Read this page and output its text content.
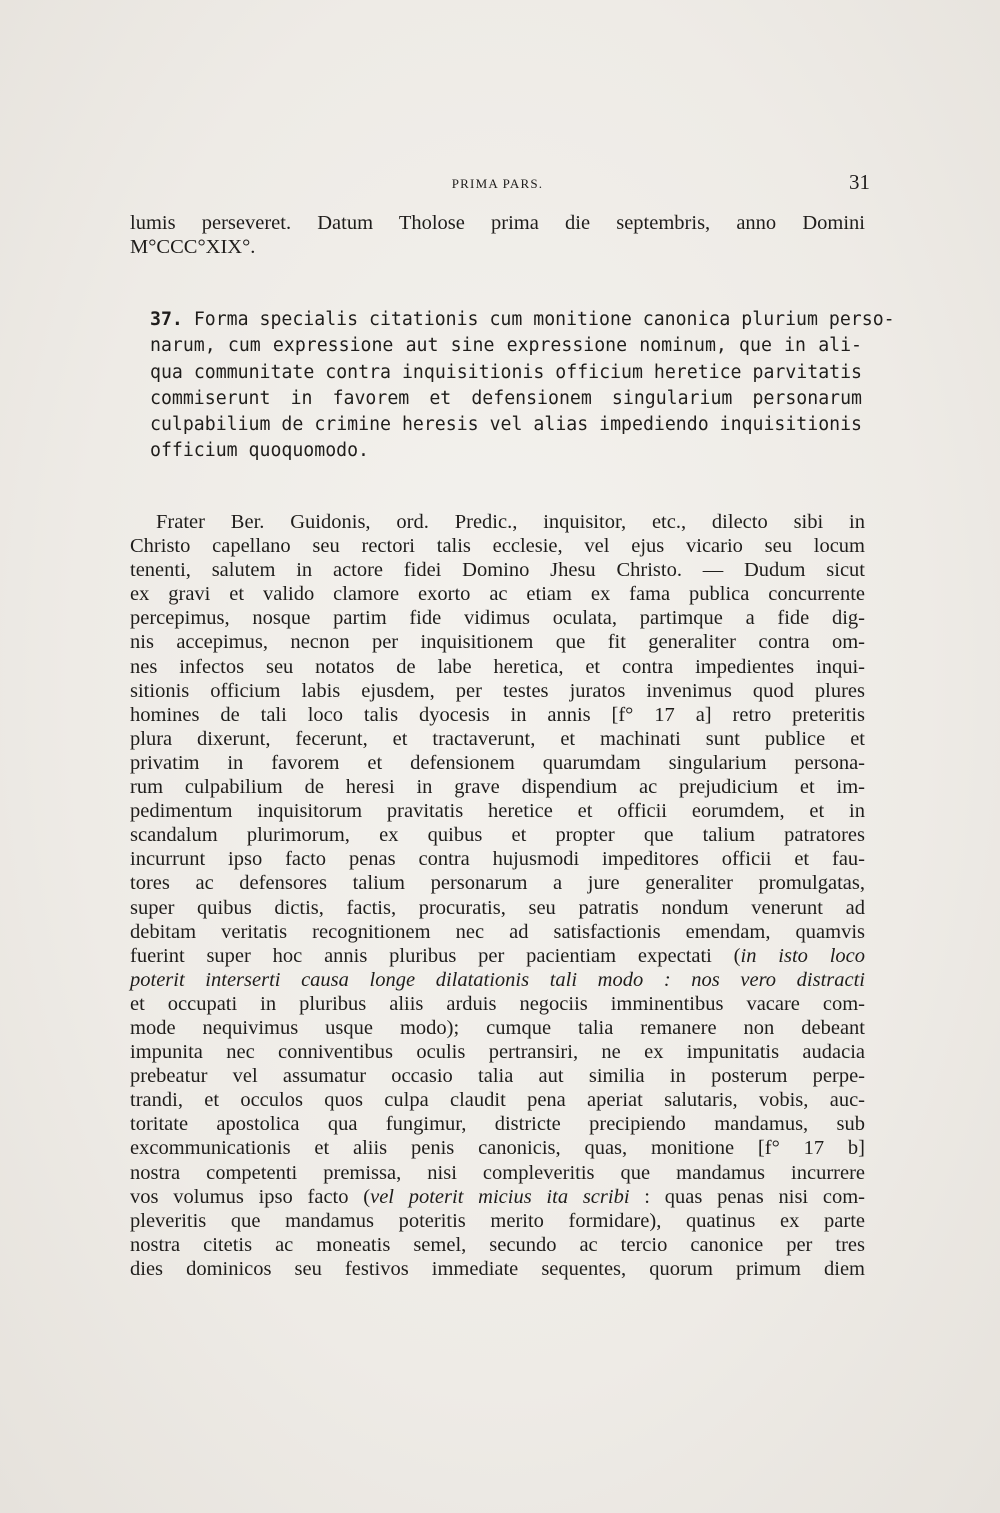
PRIMA PARS.	31
lumis perseveret. Datum Tholose prima die septembris, anno Domini
M°CCC°XIX°.
37. Forma specialis citationis cum monitione canonica plurium perso-
narum, cum expressione aut sine expressione nominum, que in ali-
qua communitate contra inquisitionis officium heretice parvitatis
commiserunt in favorem et defensionem singularium personarum
culpabilium de crimine heresis vel alias impediendo inquisitionis
officium quoquomodo.
Frater Ber. Guidonis, ord. Predic., inquisitor, etc., dilecto sibi in
Christo capellano seu rectori talis ecclesie, vel ejus vicario seu locum
tenenti, salutem in actore fidei Domino Jhesu Christo. — Dudum sicut
ex gravi et valido clamore exorto ac etiam ex fama publica concurrente
percepimus, nosque partim fide vidimus oculata, partimque a fide dig-
nis accepimus, necnon per inquisitionem que fit generaliter contra om-
nes infectos seu notatos de labe heretica, et contra impedientes inqui-
sitionis officium labis ejusdem, per testes juratos invenimus quod plures
homines de tali loco talis dyocesis in annis [f° 17 a] retro preteritis
plura dixerunt, fecerunt, et tractaverunt, et machinati sunt publice et
privatim in favorem et defensionem quarumdam singularium persona-
rum culpabilium de heresi in grave dispendium ac prejudicium et im-
pedimentum inquisitorum pravitatis heretice et officii eorumdem, et in
scandalum plurimorum, ex quibus et propter que talium patratores
incurrunt ipso facto penas contra hujusmodi impeditores officii et fau-
tores ac defensores talium personarum a jure generaliter promulgatas,
super quibus dictis, factis, procuratis, seu patratis nondum venerunt ad
debitam veritatis recognitionem nec ad satisfactionis emendam, quamvis
fuerint super hoc annis pluribus per pacientiam expectati (in isto loco
poterit interserti causa longe dilatationis tali modo : nos vero distracti
et occupati in pluribus aliis arduis negociis imminentibus vacare com-
mode nequivimus usque modo); cumque talia remanere non debeant
impunita nec conniventibus oculis pertransiri, ne ex impunitatis audacia
prebeatur vel assumatur occasio talia aut similia in posterum perpe-
trandi, et occulos quos culpa claudit pena aperiat salutaris, vobis, auc-
toritate apostolica qua fungimur, districte precipiendo mandamus, sub
excommunicationis et aliis penis canonicis, quas, monitione [f° 17 b]
nostra competenti premissa, nisi compleveritis que mandamus incurrere
vos volumus ipso facto (vel poterit micius ita scribi : quas penas nisi com-
pleveritis que mandamus poteritis merito formidare), quatinus ex parte
nostra citetis ac moneatis semel, secundo ac tercio canonice per tres
dies dominicos seu festivos immediate sequentes, quorum primum diem
